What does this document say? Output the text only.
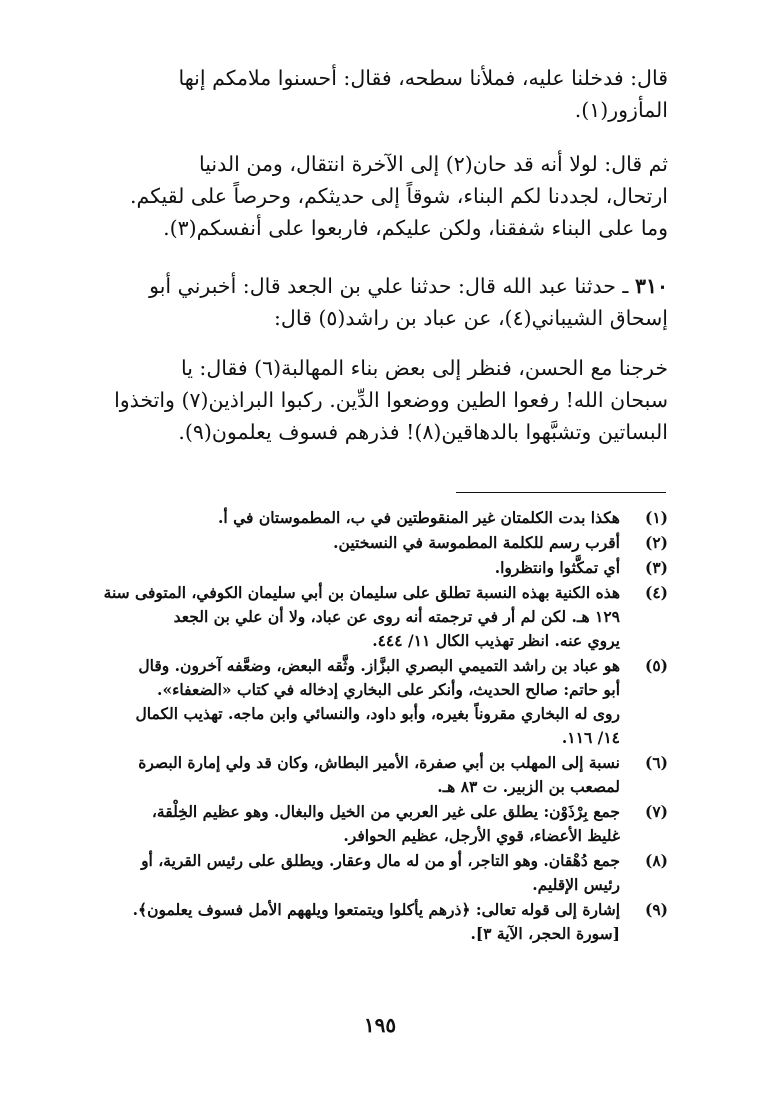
قال: فدخلنا عليه، فملأنا سطحه، فقال: أحسنوا ملامكم إنها
المأزور(١).
ثم قال: لولا أنه قد حان(٢) إلى الآخرة انتقال، ومن الدنيا
ارتحال، لجددنا لكم البناء، شوقاً إلى حديثكم، وحرصاً على لقيكم.
وما على البناء شفقنا، ولكن عليكم، فاربعوا على أنفسكم(٣).
٣١٠ ـ حدثنا عبد الله قال: حدثنا علي بن الجعد قال: أخبرني أبو
إسحاق الشيباني(٤)، عن عباد بن راشد(٥) قال:
خرجنا مع الحسن، فنظر إلى بعض بناء المهالبة(٦) فقال: يا
سبحان الله! رفعوا الطين ووضعوا الدِّين. ركبوا البراذين(٧) واتخذوا
البساتين وتشبَّهوا بالدهاقين(٨)! فذرهم فسوف يعلمون(٩).
(١)
هكذا بدت الكلمتان غير المنقوطتين في ب، المطموستان في أ.
(٢)
أقرب رسم للكلمة المطموسة في النسختين.
(٣)
أي تمكَّثوا وانتظروا.
(٤)
هذه الكنية بهذه النسبة تطلق على سليمان بن أبي سليمان الكوفي، المتوفى سنة
١٢٩ هـ. لكن لم أر في ترجمته أنه روى عن عباد، ولا أن علي بن الجعد
يروي عنه. انظر تهذيب الكال ١١/ ٤٤٤.
(٥)
هو عباد بن راشد التميمي البصري البزَّاز. وثَّقه البعض، وضعَّفه آخرون. وقال
أبو حاتم: صالح الحديث، وأنكر على البخاري إدخاله في كتاب «الضعفاء».
روى له البخاري مقروناً بغيره، وأبو داود، والنسائي وابن ماجه. تهذيب الكمال
١٤/ ١١٦.
(٦)
نسبة إلى المهلب بن أبي صفرة، الأمير البطاش، وكان قد ولي إمارة البصرة
لمصعب بن الزبير. ت ٨٣ هـ.
(٧)
جمع بِرْذَوْن: يطلق على غير العربي من الخيل والبغال. وهو عظيم الخِلْقة،
غليظ الأعضاء، قوي الأرجل، عظيم الحوافر.
(٨)
جمع دُهْقان. وهو التاجر، أو من له مال وعقار. ويطلق على رئيس القرية، أو
رئيس الإقليم.
(٩)
إشارة إلى قوله تعالى: ﴿ذرهم يأكلوا ويتمتعوا ويلههم الأمل فسوف يعلمون﴾.
[سورة الحجر، الآية ٣].
١٩٥
